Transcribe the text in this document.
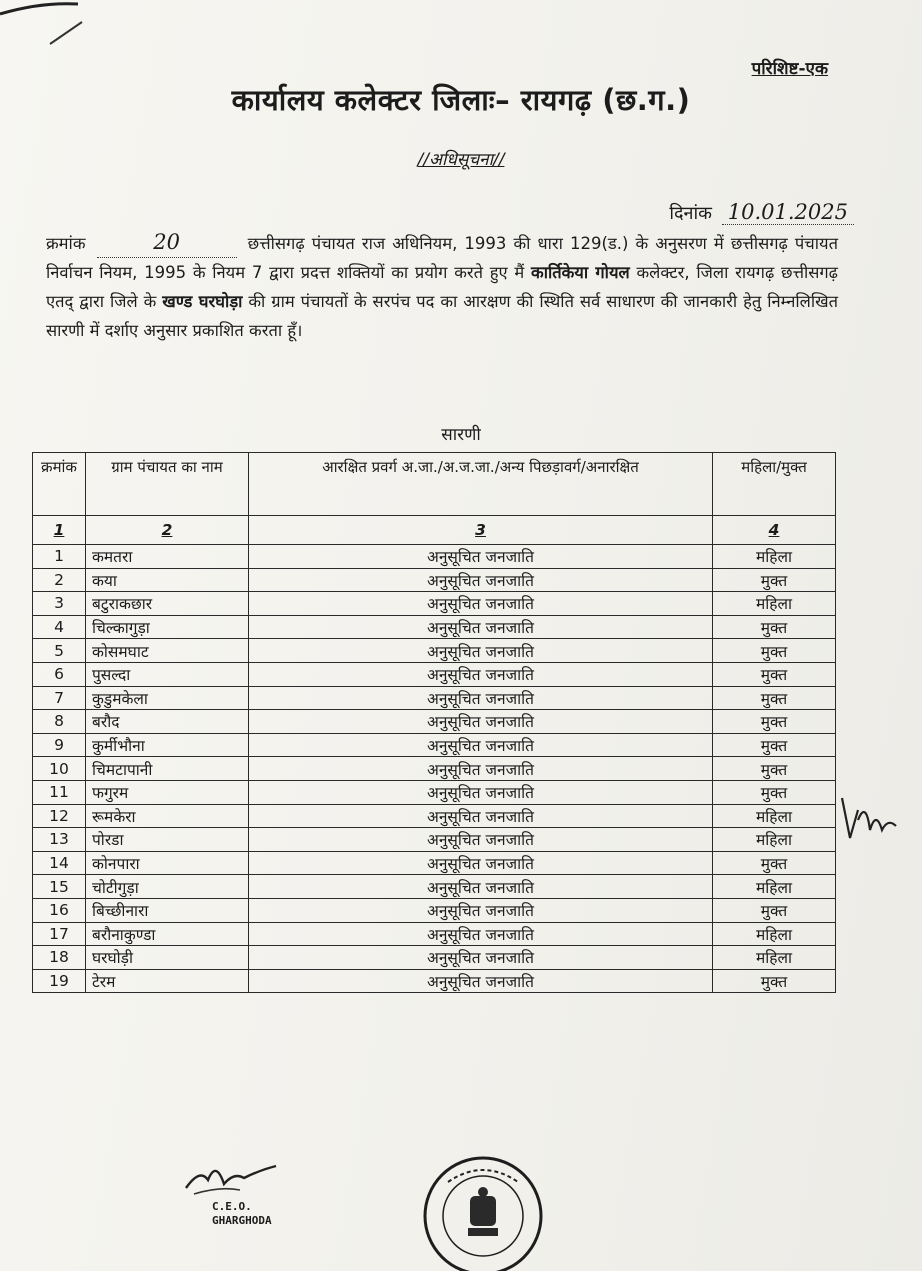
परिशिष्ट-एक
कार्यालय कलेक्टर जिलाः– रायगढ़ (छ.ग.)
//अधिसूचना//
दिनांक 10.01.2025
क्रमांक	20	छत्तीसगढ़ पंचायत राज अधिनियम, 1993 की धारा 129(ड.) के अनुसरण में छत्तीसगढ़ पंचायत निर्वाचन नियम, 1995 के नियम 7 द्वारा प्रदत्त शक्तियों का प्रयोग करते हुए मैं कार्तिकेया गोयल कलेक्टर, जिला रायगढ़ छत्तीसगढ़ एतद् द्वारा जिले के खण्ड घरघोड़ा की ग्राम पंचायतों के सरपंच पद का आरक्षण की स्थिति सर्व साधारण की जानकारी हेतु निम्नलिखित सारणी में दर्शाए अनुसार प्रकाशित करता हूँ।
सारणी
क्रमांक	ग्राम पंचायत का नाम	आरक्षित प्रवर्ग अ.जा./अ.ज.जा./अन्य पिछड़ावर्ग/अनारक्षित	महिला/मुक्त
1	2	3	4
1	कमतरा	अनुसूचित जनजाति	महिला
2	कया	अनुसूचित जनजाति	मुक्त
3	बटुराकछार	अनुसूचित जनजाति	महिला
4	चिल्कागुड़ा	अनुसूचित जनजाति	मुक्त
5	कोसमघाट	अनुसूचित जनजाति	मुक्त
6	पुसल्दा	अनुसूचित जनजाति	मुक्त
7	कुडुमकेला	अनुसूचित जनजाति	मुक्त
8	बरौद	अनुसूचित जनजाति	मुक्त
9	कुर्मीभौना	अनुसूचित जनजाति	मुक्त
10	चिमटापानी	अनुसूचित जनजाति	मुक्त
11	फगुरम	अनुसूचित जनजाति	मुक्त
12	रूमकेरा	अनुसूचित जनजाति	महिला
13	पोरडा	अनुसूचित जनजाति	महिला
14	कोनपारा	अनुसूचित जनजाति	मुक्त
15	चोटीगुड़ा	अनुसूचित जनजाति	महिला
16	बिच्छीनारा	अनुसूचित जनजाति	मुक्त
17	बरौनाकुण्डा	अनुसूचित जनजाति	महिला
18	घरघोड़ी	अनुसूचित जनजाति	महिला
19	टेरम	अनुसूचित जनजाति	मुक्त
C.E.O.
GHARGHODA
